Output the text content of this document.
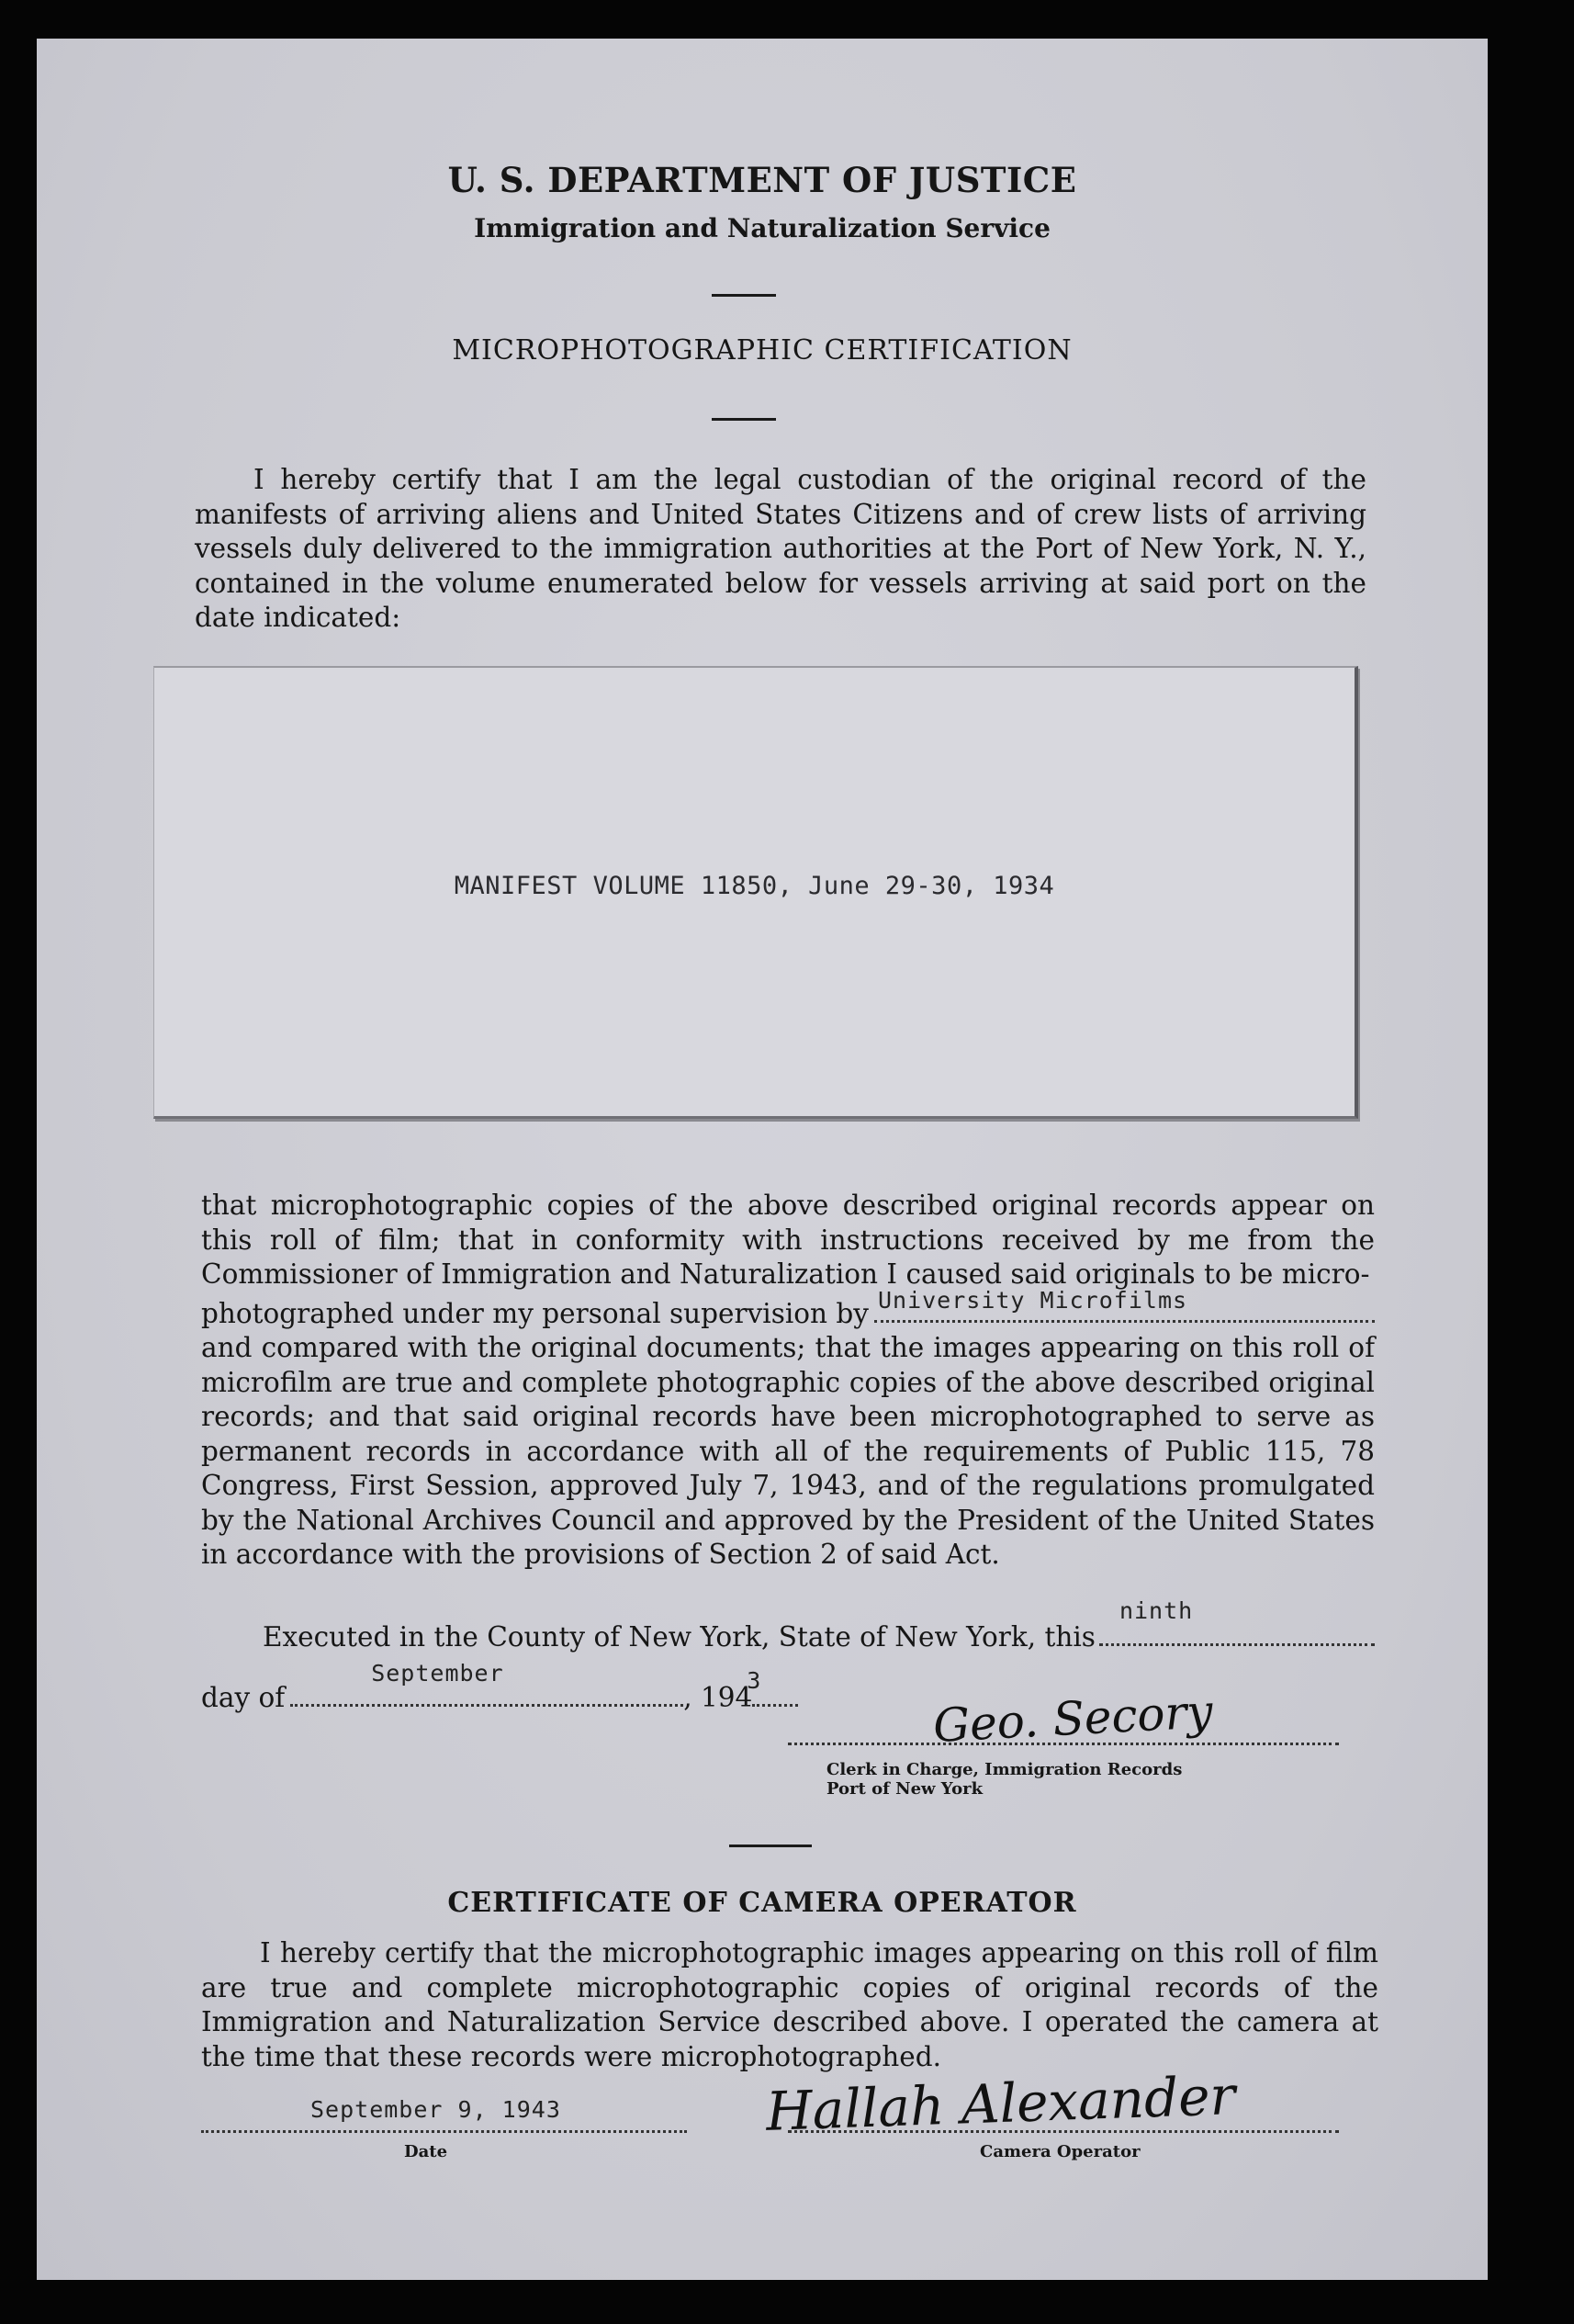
U. S. DEPARTMENT OF JUSTICE
Immigration and Naturalization Service
MICROPHOTOGRAPHIC CERTIFICATION

I hereby certify that I am the legal custodian of the original record of the manifests of arriving aliens and United States Citizens and of crew lists of arriving vessels duly delivered to the immigration authorities at the Port of New York, N. Y., contained in the volume enumerated below for vessels arriving at said port on the date indicated:

MANIFEST VOLUME 11850, June 29-30, 1934

that microphotographic copies of the above described original records appear on this roll of film; that in conformity with instructions received by me from the Commissioner of Immigration and Naturalization I caused said originals to be micro-

photographed under my personal supervision by University Microfilms

and compared with the original documents; that the images appearing on this roll of microfilm are true and complete photographic copies of the above described original records; and that said original records have been microphotographed to serve as permanent records in accordance with all of the requirements of Public 115, 78 Congress, First Session, approved July 7, 1943, and of the regulations promulgated by the National Archives Council and approved by the President of the United States in accordance with the provisions of Section 2 of said Act.

Executed in the County of New York, State of New York, this
ninth
day of
September
, 194
3
Geo. Secory
Clerk in Charge, Immigration Records
Port of New York
CERTIFICATE OF CAMERA OPERATOR

I hereby certify that the microphotographic images appearing on this roll of film are true and complete microphotographic copies of original records of the Immigration and Naturalization Service described above. I operated the camera at the time that these records were microphotographed.

September 9, 1943
Date
Hallah Alexander
Camera Operator
